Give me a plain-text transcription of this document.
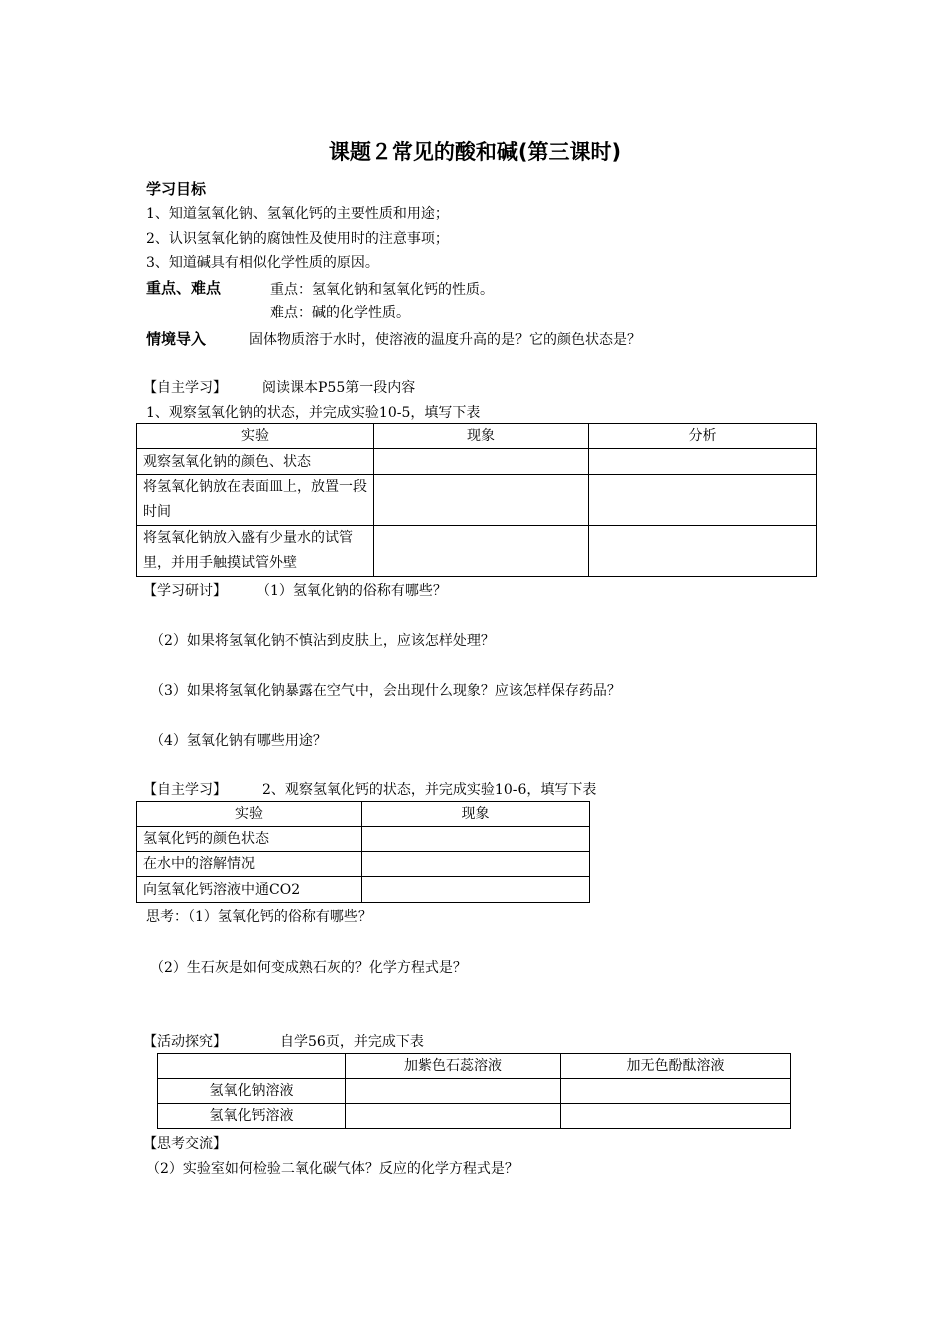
课题２常见的酸和碱(第三课时)
学习目标
1、知道氢氧化钠、氢氧化钙的主要性质和用途；
2、认识氢氧化钠的腐蚀性及使用时的注意事项；
3、知道碱具有相似化学性质的原因。
重点、难点	重点：氢氧化钠和氢氧化钙的性质。
难点：碱的化学性质。
情境导入	固体物质溶于水时，使溶液的温度升高的是？它的颜色状态是？
【自主学习】	阅读课本P55第一段内容
1、观察氢氧化钠的状态，并完成实验10-5，填写下表
实验	现象	分析
观察氢氧化钠的颜色、状态		
将氢氧化钠放在表面皿上，放置一段时间		
将氢氧化钠放入盛有少量水的试管里，并用手触摸试管外壁		
【学习研讨】 （1）氢氧化钠的俗称有哪些？
（2）如果将氢氧化钠不慎沾到皮肤上，应该怎样处理？
（3）如果将氢氧化钠暴露在空气中，会出现什么现象？应该怎样保存药品？
（4）氢氧化钠有哪些用途？
【自主学习】	2、观察氢氧化钙的状态，并完成实验10-6，填写下表
实验	现象
氢氧化钙的颜色状态	
在水中的溶解情况	
向氢氧化钙溶液中通CO2	
思考：（1）氢氧化钙的俗称有哪些？
（2）生石灰是如何变成熟石灰的？化学方程式是？
【活动探究】	自学56页，并完成下表
	加紫色石蕊溶液	加无色酚酞溶液
氢氧化钠溶液		
氢氧化钙溶液		
【思考交流】
（2）实验室如何检验二氧化碳气体？反应的化学方程式是？
